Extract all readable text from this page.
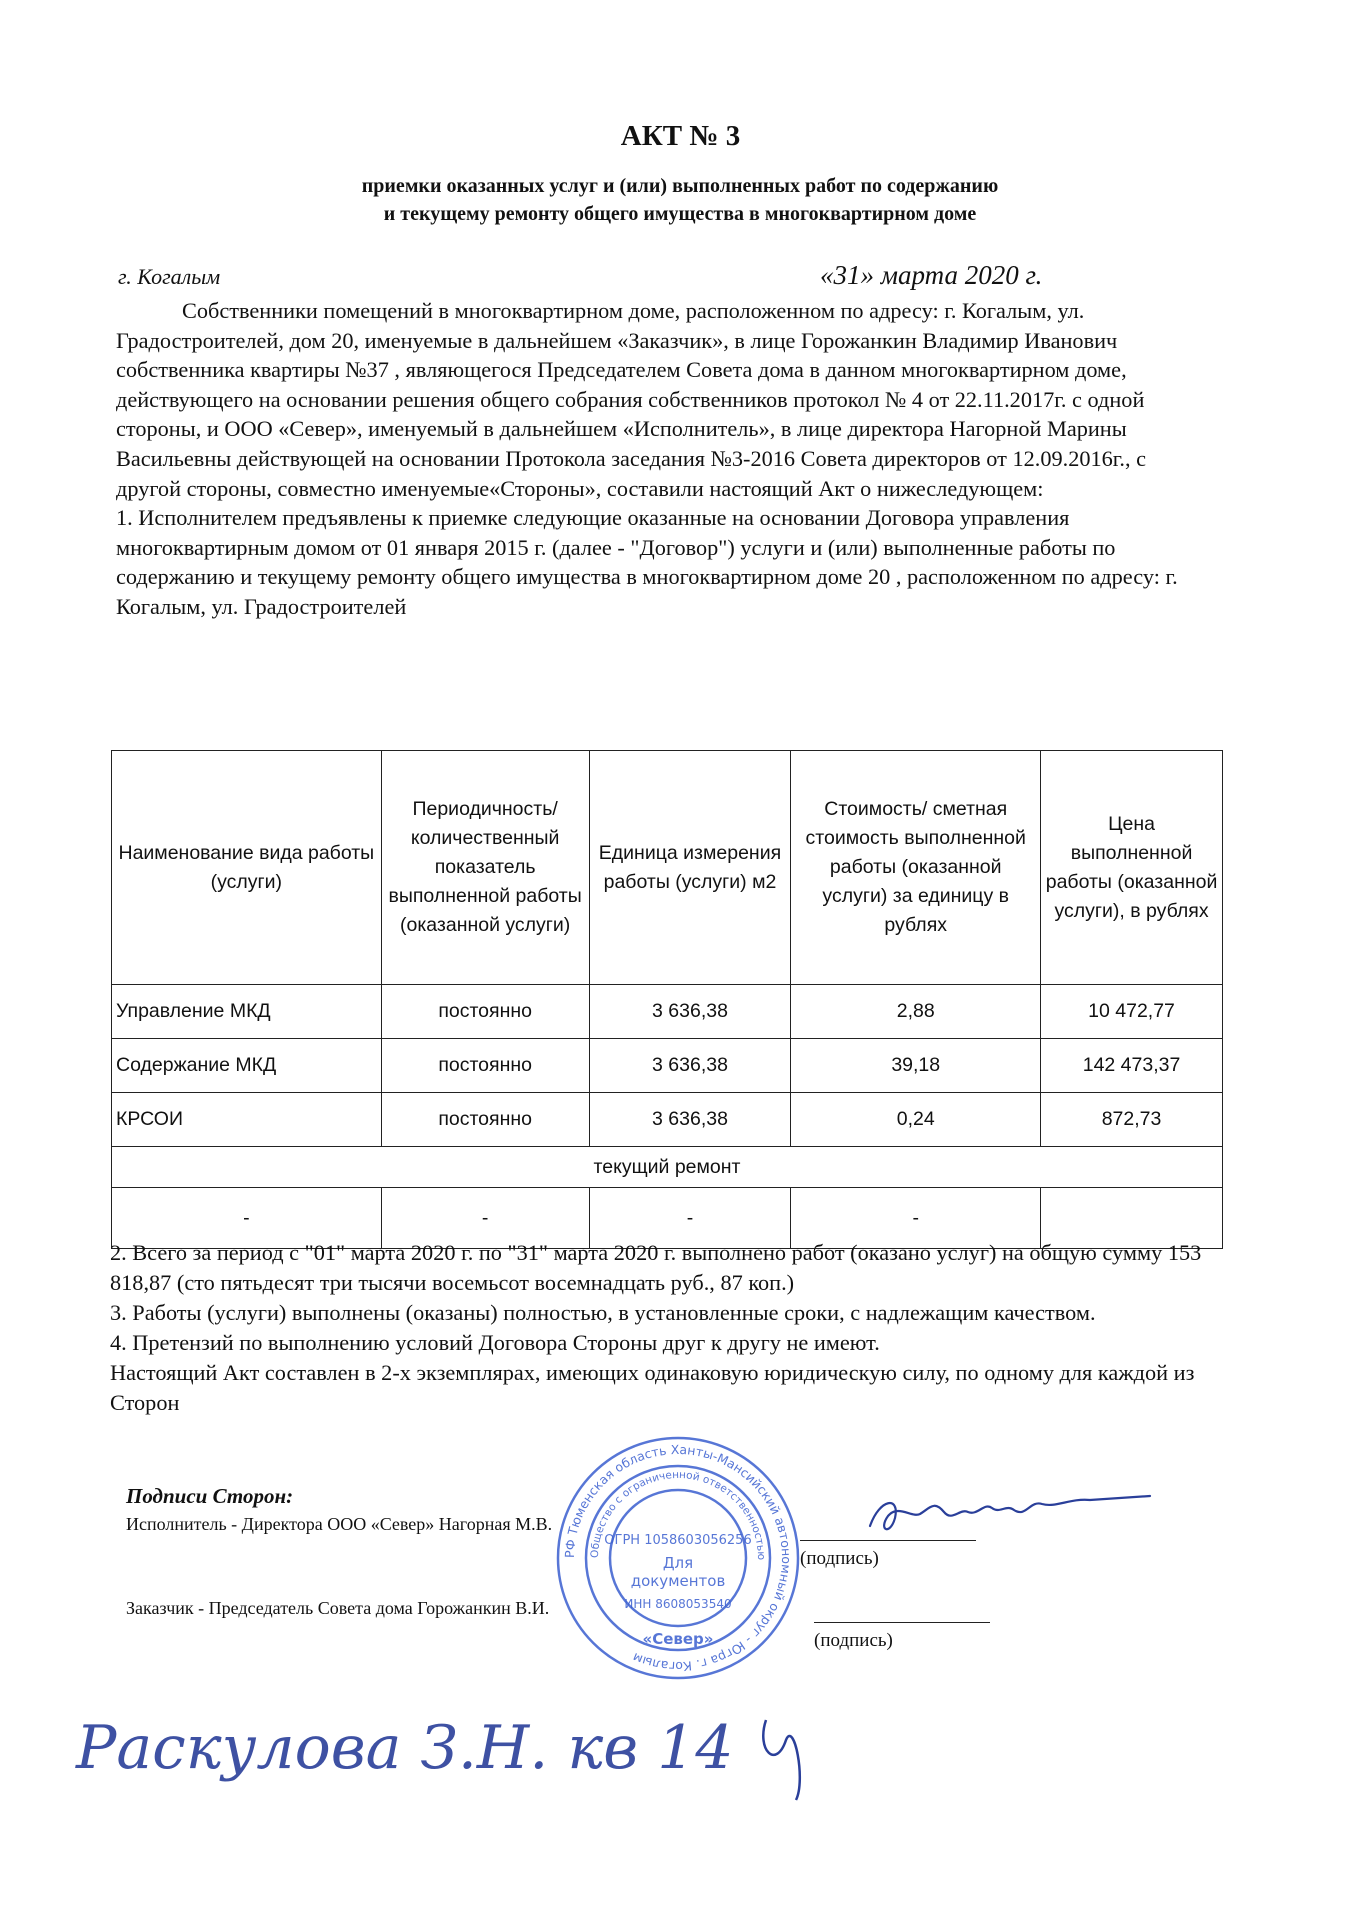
АКТ № 3
приемки оказанных услуг и (или) выполненных работ по содержанию
и текущему ремонту общего имущества в многоквартирном доме
г. Когалым	«31» марта 2020 г.

Собственники помещений в многоквартирном доме, расположенном по адресу: г. Когалым, ул. Градостроителей, дом 20, именуемые в дальнейшем «Заказчик», в лице Горожанкин Владимир Иванович собственника квартиры №37 , являющегося Председателем Совета дома в данном многоквартирном доме, действующего на основании решения общего собрания собственников протокол № 4 от 22.11.2017г. с одной стороны, и ООО «Север», именуемый в дальнейшем «Исполнитель», в лице директора Нагорной Марины Васильевны действующей на основании Протокола заседания №3-2016 Совета директоров от 12.09.2016г., с другой стороны, совместно именуемые«Стороны», составили настоящий Акт о нижеследующем:

1. Исполнителем предъявлены к приемке следующие оказанные на основании Договора управления многоквартирным домом от 01 января 2015 г. (далее - "Договор") услуги и (или) выполненные работы по содержанию и текущему ремонту общего имущества в многоквартирном доме 20 , расположенном по адресу: г. Когалым, ул. Градостроителей

Наименование вида работы (услуги)	Периодичность/ количественный показатель выполненной работы (оказанной услуги)	Единица измерения работы (услуги) м2	Стоимость/ сметная стоимость выполненной работы (оказанной услуги) за единицу в рублях	Цена выполненной работы (оказанной услуги), в рублях
Управление МКД	постоянно	3 636,38	2,88	10 472,77
Содержание МКД	постоянно	3 636,38	39,18	142 473,37
КРСОИ	постоянно	3 636,38	0,24	872,73
текущий ремонт				
-	-	-	-	

2. Всего за период с "01" марта 2020 г. по "31" марта 2020 г. выполнено работ (оказано услуг) на общую сумму 153 818,87 (сто пятьдесят три тысячи восемьсот восемнадцать руб., 87 коп.)

3. Работы (услуги) выполнены (оказаны) полностью, в установленные сроки, с надлежащим качеством.

4. Претензий по выполнению условий Договора Стороны друг к другу не имеют.

Настоящий Акт составлен в 2-х экземплярах, имеющих одинаковую юридическую силу, по одному для каждой из Сторон

Подписи Сторон:
Исполнитель - Директора ООО «Север» Нагорная М.В.
(подпись)
Заказчик - Председатель Совета дома Горожанкин В.И.
(подпись)
РФ Тюменская область Ханты-Мансийский автономный округ - Югра г. Когалым
Общество с ограниченной ответственностью
ОГРН 1058603056256
Для
документов
ИНН 8608053540
«Север»
Раскулова З.Н. кв 14
